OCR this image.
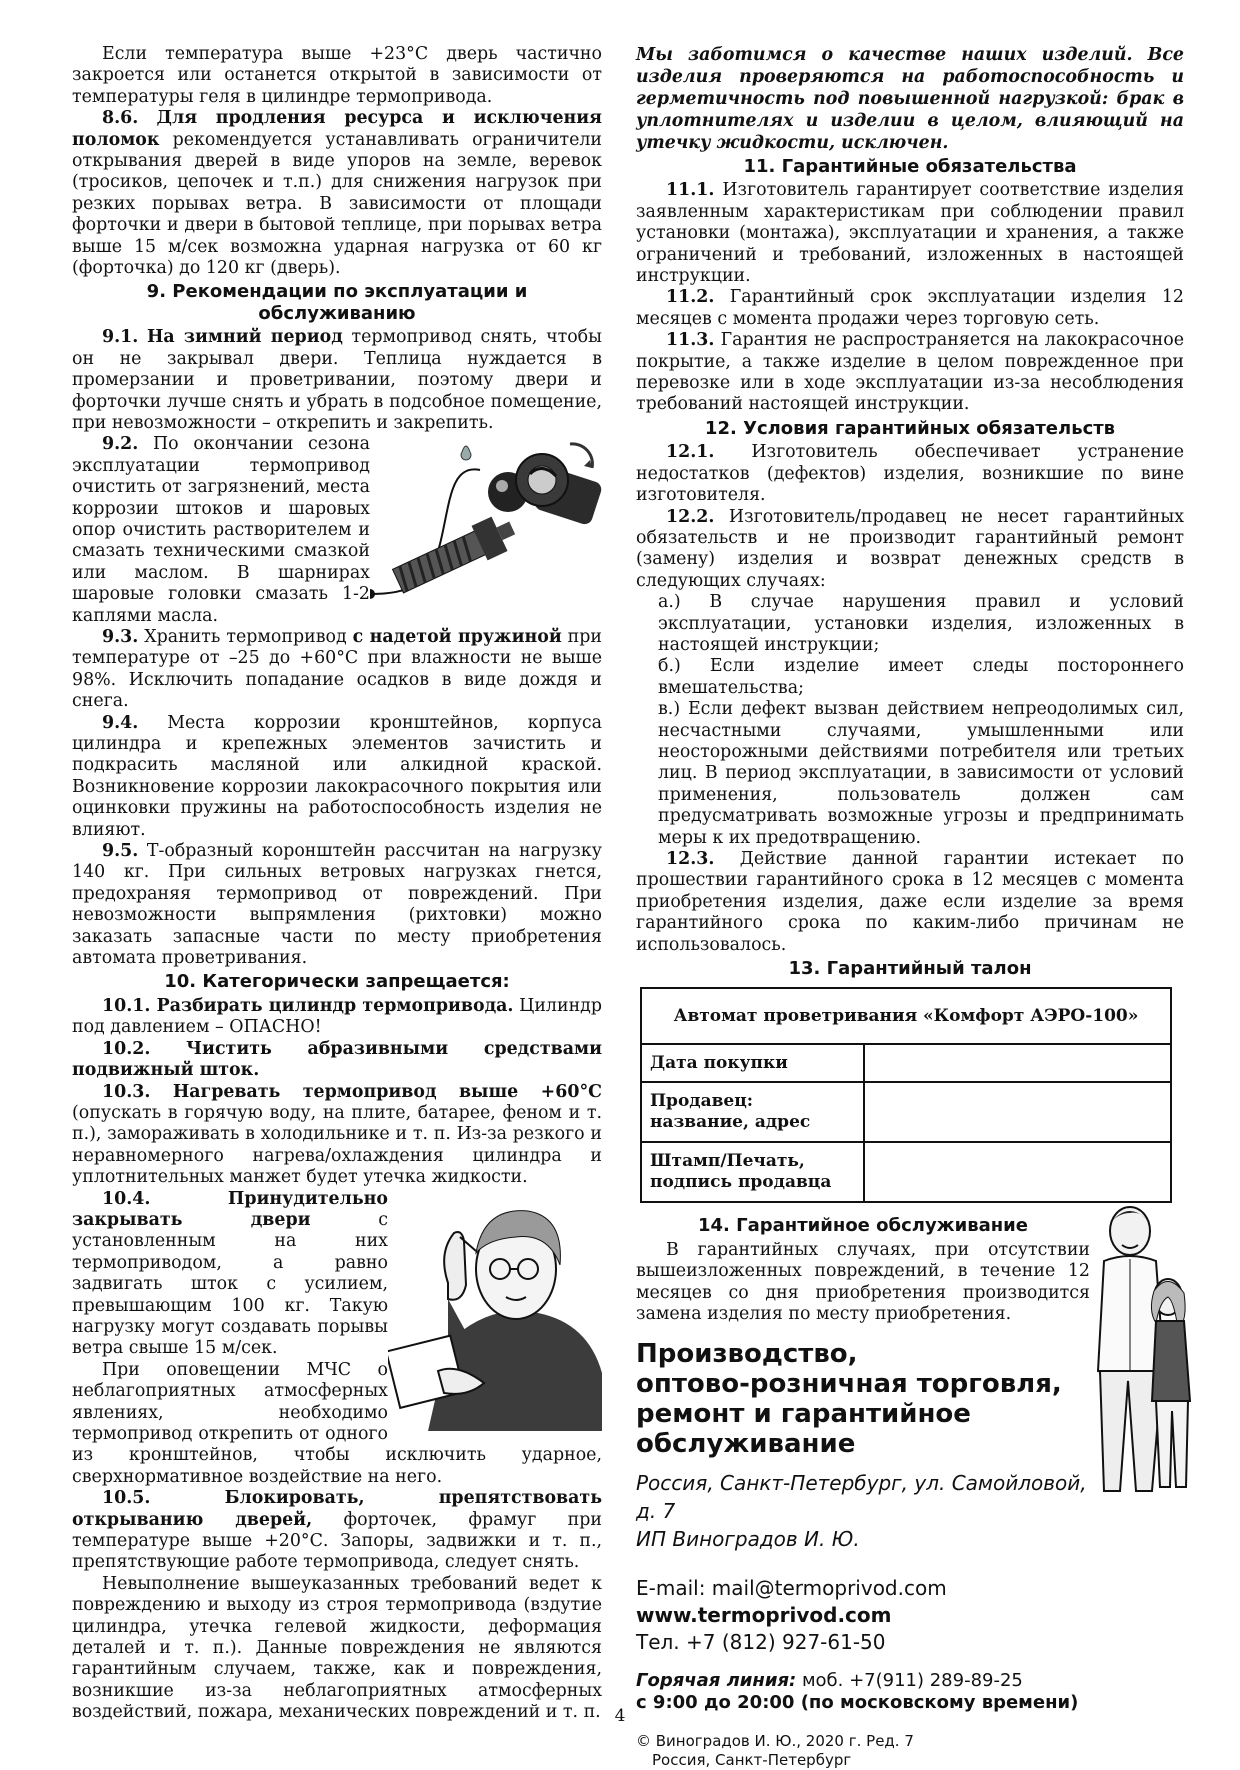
Если температура выше +23°С дверь частично закроется или останется открытой в зависимости от температуры геля в цилиндре термопривода.

8.6. Для продления ресурса и исключения поломок рекомендуется устанавливать ограничители открывания дверей в виде упоров на земле, веревок (тросиков, цепочек и т.п.) для снижения нагрузок при резких порывах ветра. В зависимости от площади форточки и двери в бытовой теплице, при порывах ветра выше 15 м/сек возможна ударная нагрузка от 60 кг (форточка) до 120 кг (дверь).

9. Рекомендации по эксплуатации и обслуживанию

9.1. На зимний период термопривод снять, чтобы он не закрывал двери. Теплица нуждается в промерзании и проветривании, поэтому двери и форточки лучше снять и убрать в подсобное помещение, при невозможности – открепить и закрепить.

9.2. По окончании сезона эксплуатации термопривод очистить от загрязнений, места коррозии штоков и шаровых опор очистить растворителем и смазать техническими смазкой или маслом. В шарнирах шаровые головки смазать 1-2 каплями масла.

9.3. Хранить термопривод с надетой пружиной при температуре от –25 до +60°С при влажности не выше 98%. Исключить попадание осадков в виде дождя и снега.

9.4. Места коррозии кронштейнов, корпуса цилиндра и крепежных элементов зачистить и подкрасить масляной или алкидной краской. Возникновение коррозии лакокрасочного покрытия или оцинковки пружины на работоспособность изделия не влияют.

9.5. Т-образный коронштейн рассчитан на нагрузку 140 кг. При сильных ветровых нагрузках гнется, предохраняя термопривод от повреждений. При невозможности выпрямления (рихтовки) можно заказать запасные части по месту приобретения автомата проветривания.

10. Категорически запрещается:

10.1. Разбирать цилиндр термопривода. Цилиндр под давлением – ОПАСНО!

10.2. Чистить абразивными средствами подвижный шток.

10.3. Нагревать термопривод выше +60°С (опускать в горячую воду, на плите, батарее, феном и т. п.), замораживать в холодильнике и т. п. Из-за резкого и неравномерного нагрева/охлаждения цилиндра и уплотнительных манжет будет утечка жидкости.

10.4. Принудительно закрывать двери с установленным на них термоприводом, а равно задвигать шток с усилием, превышающим 100 кг. Такую нагрузку могут создавать порывы ветра свыше 15 м/сек.

При оповещении МЧС о неблагоприятных атмосферных явлениях, необходимо термопривод открепить от одного из кронштейнов, чтобы исключить ударное, сверхнормативное воздействие на него.

10.5. Блокировать, препятствовать открыванию дверей, форточек, фрамуг при температуре выше +20°С. Запоры, задвижки и т. п., препятствующие работе термопривода, следует снять.

Невыполнение вышеуказанных требований ведет к повреждению и выходу из строя термопривода (вздутие цилиндра, утечка гелевой жидкости, деформация деталей и т. п.). Данные повреждения не являются гарантийным случаем, также, как и повреждения, возникшие из-за неблагоприятных атмосферных воздействий, пожара, механических повреждений и т. п.

Мы заботимся о качестве наших изделий. Все изделия проверяются на работоспособность и герметичность под повышенной нагрузкой: брак в уплотнителях и изделии в целом, влияющий на утечку жидкости, исключен.

11. Гарантийные обязательства

11.1. Изготовитель гарантирует соответствие изделия заявленным характеристикам при соблюдении правил установки (монтажа), эксплуатации и хранения, а также ограничений и требований, изложенных в настоящей инструкции.

11.2. Гарантийный срок эксплуатации изделия 12 месяцев с момента продажи через торговую сеть.

11.3. Гарантия не распространяется на лакокрасочное покрытие, а также изделие в целом поврежденное при перевозке или в ходе эксплуатации из-за несоблюдения требований настоящей инструкции.

12. Условия гарантийных обязательств

12.1. Изготовитель обеспечивает устранение недостатков (дефектов) изделия, возникшие по вине изготовителя.

12.2. Изготовитель/продавец не несет гарантийных обязательств и не производит гарантийный ремонт (замену) изделия и возврат денежных средств в следующих случаях:

а.) В случае нарушения правил и условий эксплуатации, установки изделия, изложенных в настоящей инструкции;

б.) Если изделие имеет следы постороннего вмешательства;

в.) Если дефект вызван действием непреодолимых сил, несчастными случаями, умышленными или неосторожными действиями потребителя или третьих лиц. В период эксплуатации, в зависимости от условий применения, пользователь должен сам предусматривать возможные угрозы и предпринимать меры к их предотвращению.

12.3. Действие данной гарантии истекает по прошествии гарантийного срока в 12 месяцев с момента приобретения изделия, даже если изделие за время гарантийного срока по каким-либо причинам не использовалось.

13. Гарантийный талон
Автомат проветривания «Комфорт АЭРО-100»	
Дата покупки	
Продавец:
название, адрес	
Штамп/Печать,
подпись продавца	
14. Гарантийное обслуживание

В гарантийных случаях, при отсутствии вышеизложенных повреждений, в течение 12 месяцев со дня приобретения производится замена изделия по месту приобретения.

Производство,
оптово-розничная торговля,
ремонт и гарантийное
обслуживание
Россия, Санкт-Петербург, ул. Самойловой, д. 7
ИП Виноградов И. Ю.
E-mail: mail@termoprivod.com
www.termoprivod.com
Тел. +7 (812) 927-61-50
Горячая линия: моб. +7(911) 289-89-25
с 9:00 до 20:00 (по московскому времени)
© Виноградов И. Ю., 2020 г. Ред. 7
Россия, Санкт-Петербург
4
